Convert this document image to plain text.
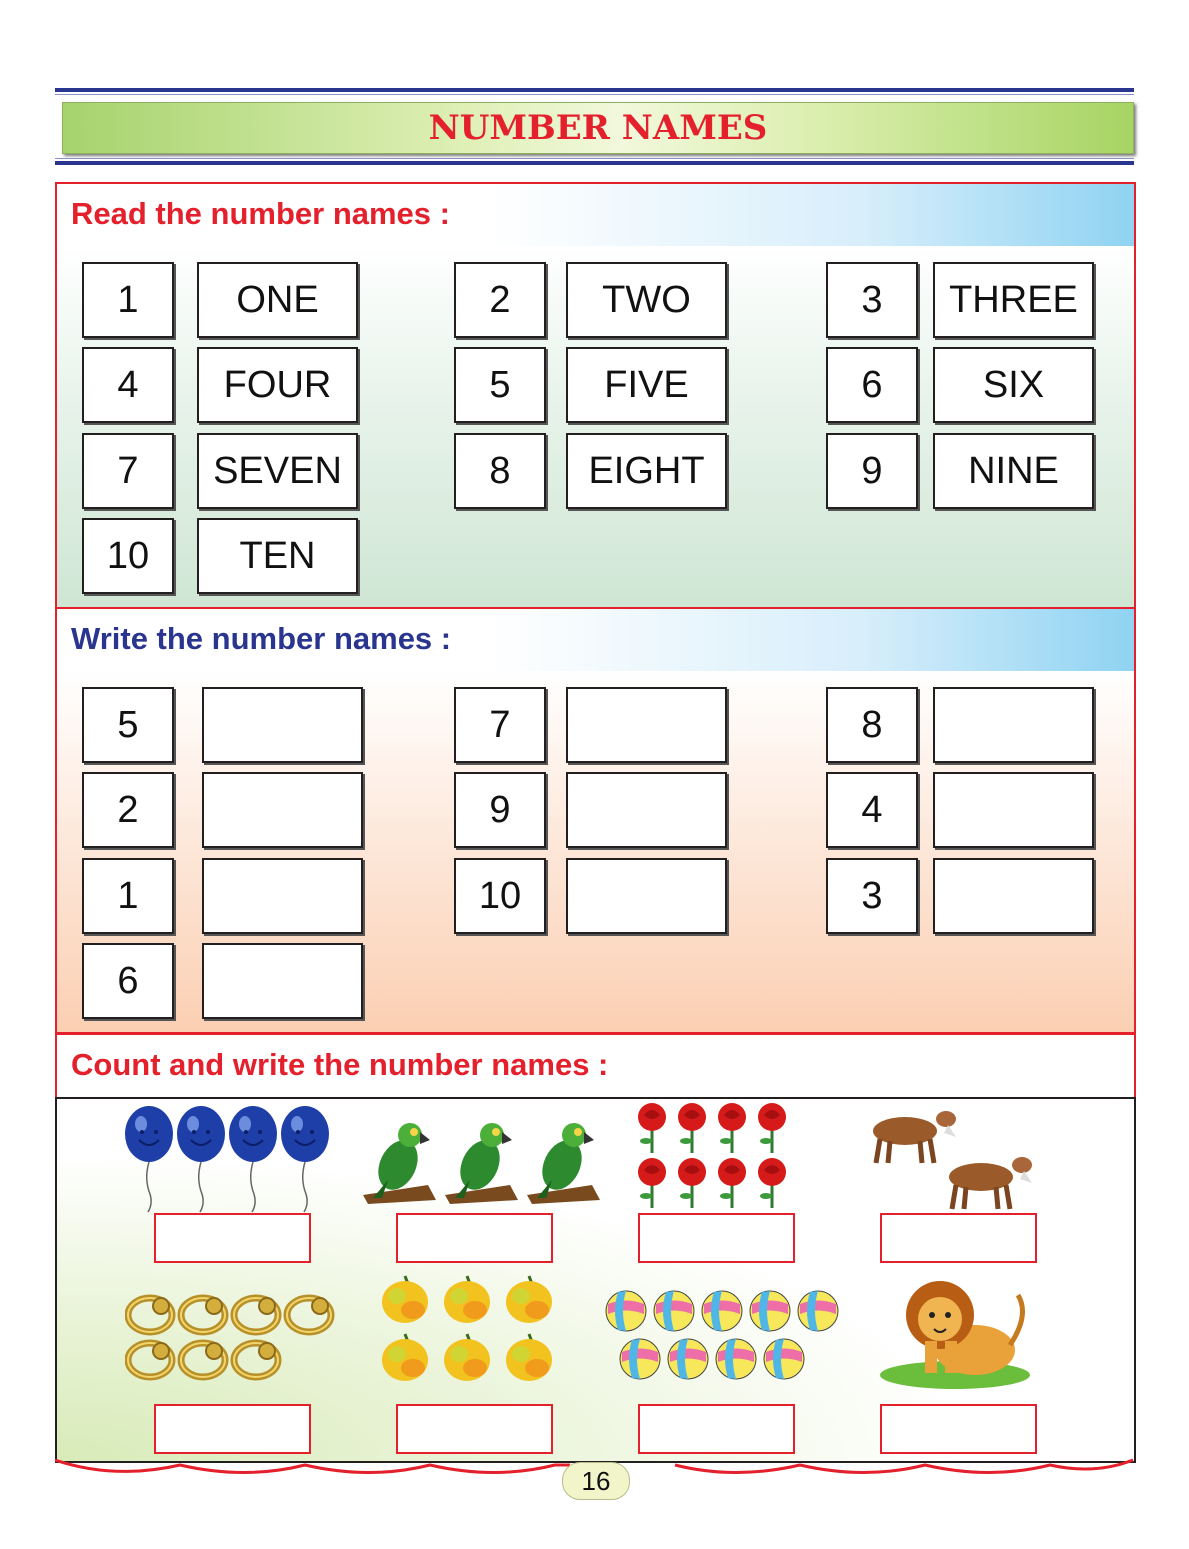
NUMBER NAMES
Read the number names :
1	ONE	2	TWO	3	THREE
4	FOUR	5	FIVE	6	SIX
7	SEVEN	8	EIGHT	9	NINE
10	TEN
Write the number names :
5	7	8
2	9	4
1	10	3
6
Count and write the number names :
16
